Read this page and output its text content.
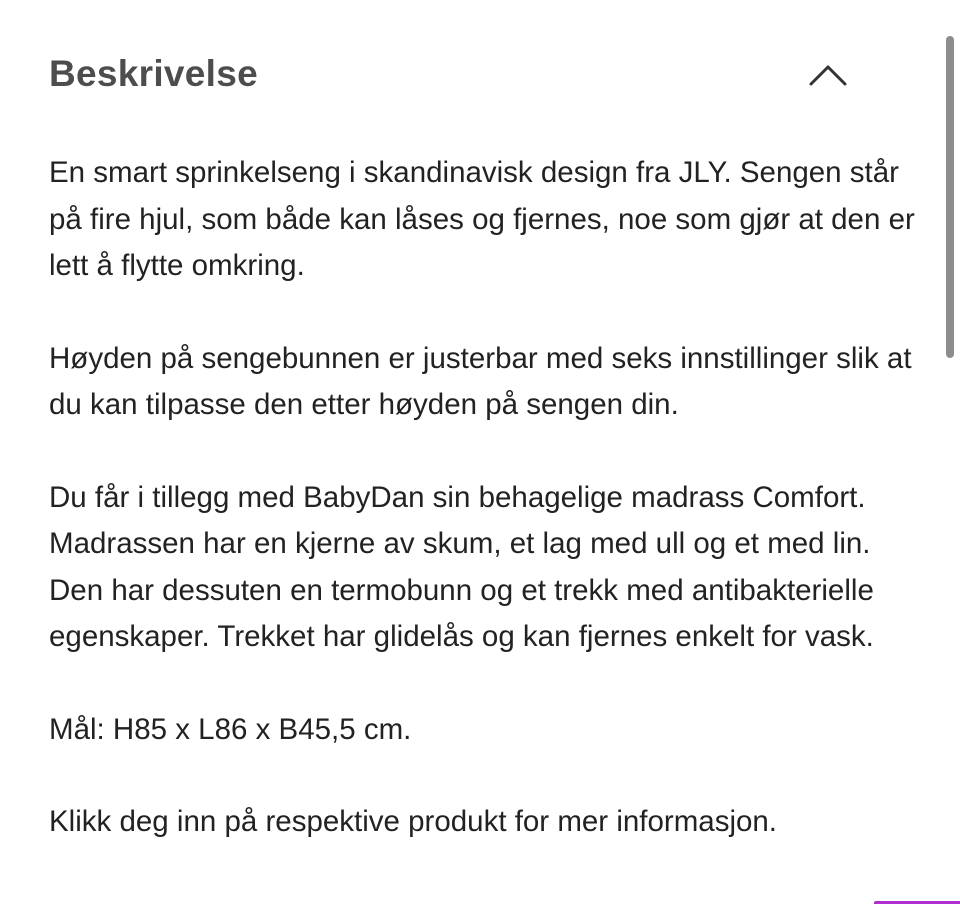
Beskrivelse

En smart sprinkelseng i skandinavisk design fra JLY. Sengen står på fire hjul, som både kan låses og fjernes, noe som gjør at den er lett å flytte omkring.

Høyden på sengebunnen er justerbar med seks innstillinger slik at du kan tilpasse den etter høyden på sengen din.

Du får i tillegg med BabyDan sin behagelige madrass Comfort. Madrassen har en kjerne av skum, et lag med ull og et med lin. Den har dessuten en termobunn og et trekk med antibakterielle egenskaper. Trekket har glidelås og kan fjernes enkelt for vask.

Mål: H85 x L86 x B45,5 cm.

Klikk deg inn på respektive produkt for mer informasjon.
